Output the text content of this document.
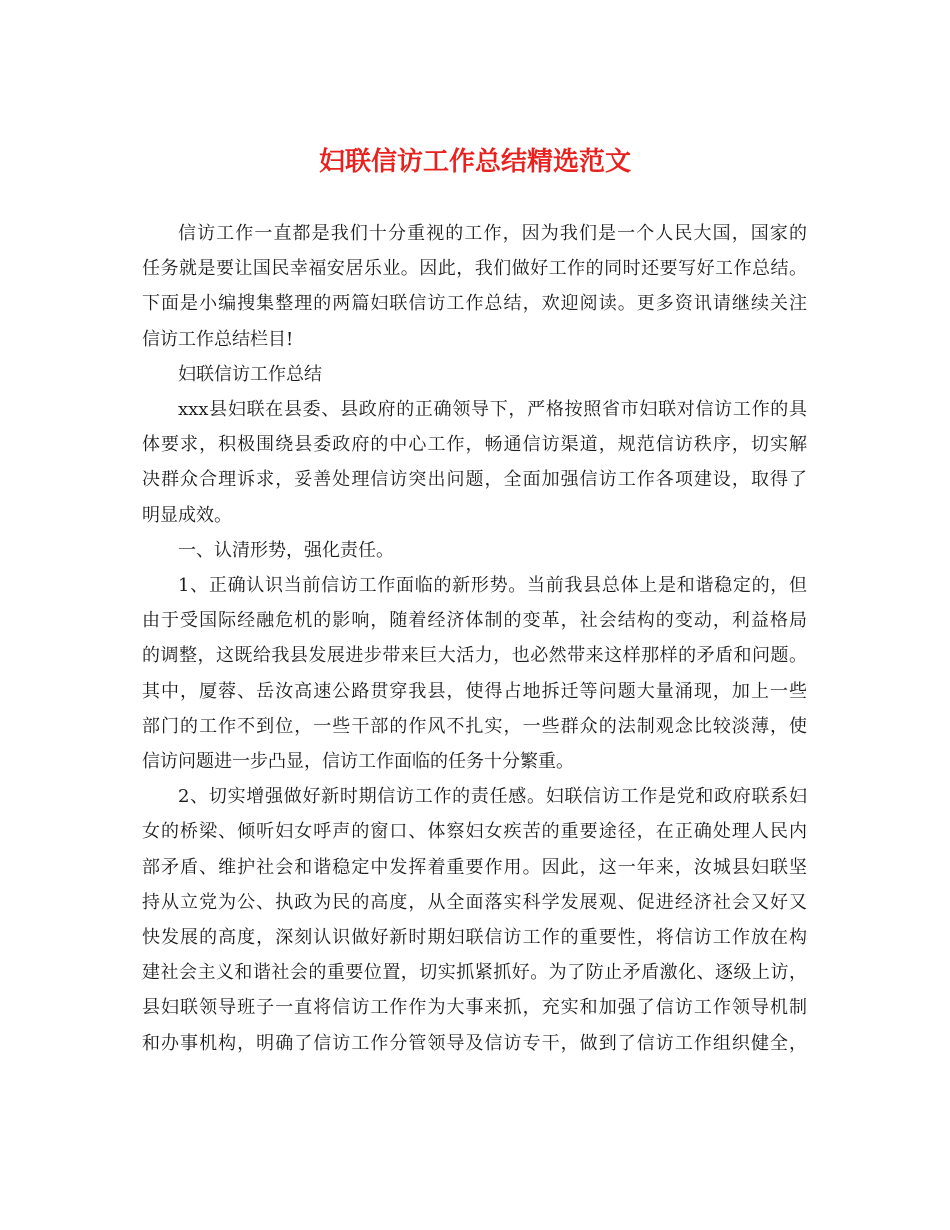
妇联信访工作总结精选范文

信访工作一直都是我们十分重视的工作，因为我们是一个人民大国，国家的

任务就是要让国民幸福安居乐业。因此，我们做好工作的同时还要写好工作总结。

下面是小编搜集整理的两篇妇联信访工作总结，欢迎阅读。更多资讯请继续关注

信访工作总结栏目!

妇联信访工作总结

xxx县妇联在县委、县政府的正确领导下，严格按照省市妇联对信访工作的具

体要求，积极围绕县委政府的中心工作，畅通信访渠道，规范信访秩序，切实解

决群众合理诉求，妥善处理信访突出问题，全面加强信访工作各项建设，取得了

明显成效。

一、认清形势，强化责任。

1、正确认识当前信访工作面临的新形势。当前我县总体上是和谐稳定的，但

由于受国际经融危机的影响，随着经济体制的变革，社会结构的变动，利益格局

的调整，这既给我县发展进步带来巨大活力，也必然带来这样那样的矛盾和问题。

其中，厦蓉、岳汝高速公路贯穿我县，使得占地拆迁等问题大量涌现，加上一些

部门的工作不到位，一些干部的作风不扎实，一些群众的法制观念比较淡薄，使

信访问题进一步凸显，信访工作面临的任务十分繁重。

2、切实增强做好新时期信访工作的责任感。妇联信访工作是党和政府联系妇

女的桥梁、倾听妇女呼声的窗口、体察妇女疾苦的重要途径，在正确处理人民内

部矛盾、维护社会和谐稳定中发挥着重要作用。因此，这一年来，汝城县妇联坚

持从立党为公、执政为民的高度，从全面落实科学发展观、促进经济社会又好又

快发展的高度，深刻认识做好新时期妇联信访工作的重要性，将信访工作放在构

建社会主义和谐社会的重要位置，切实抓紧抓好。为了防止矛盾激化、逐级上访，

县妇联领导班子一直将信访工作作为大事来抓，充实和加强了信访工作领导机制

和办事机构，明确了信访工作分管领导及信访专干，做到了信访工作组织健全，
